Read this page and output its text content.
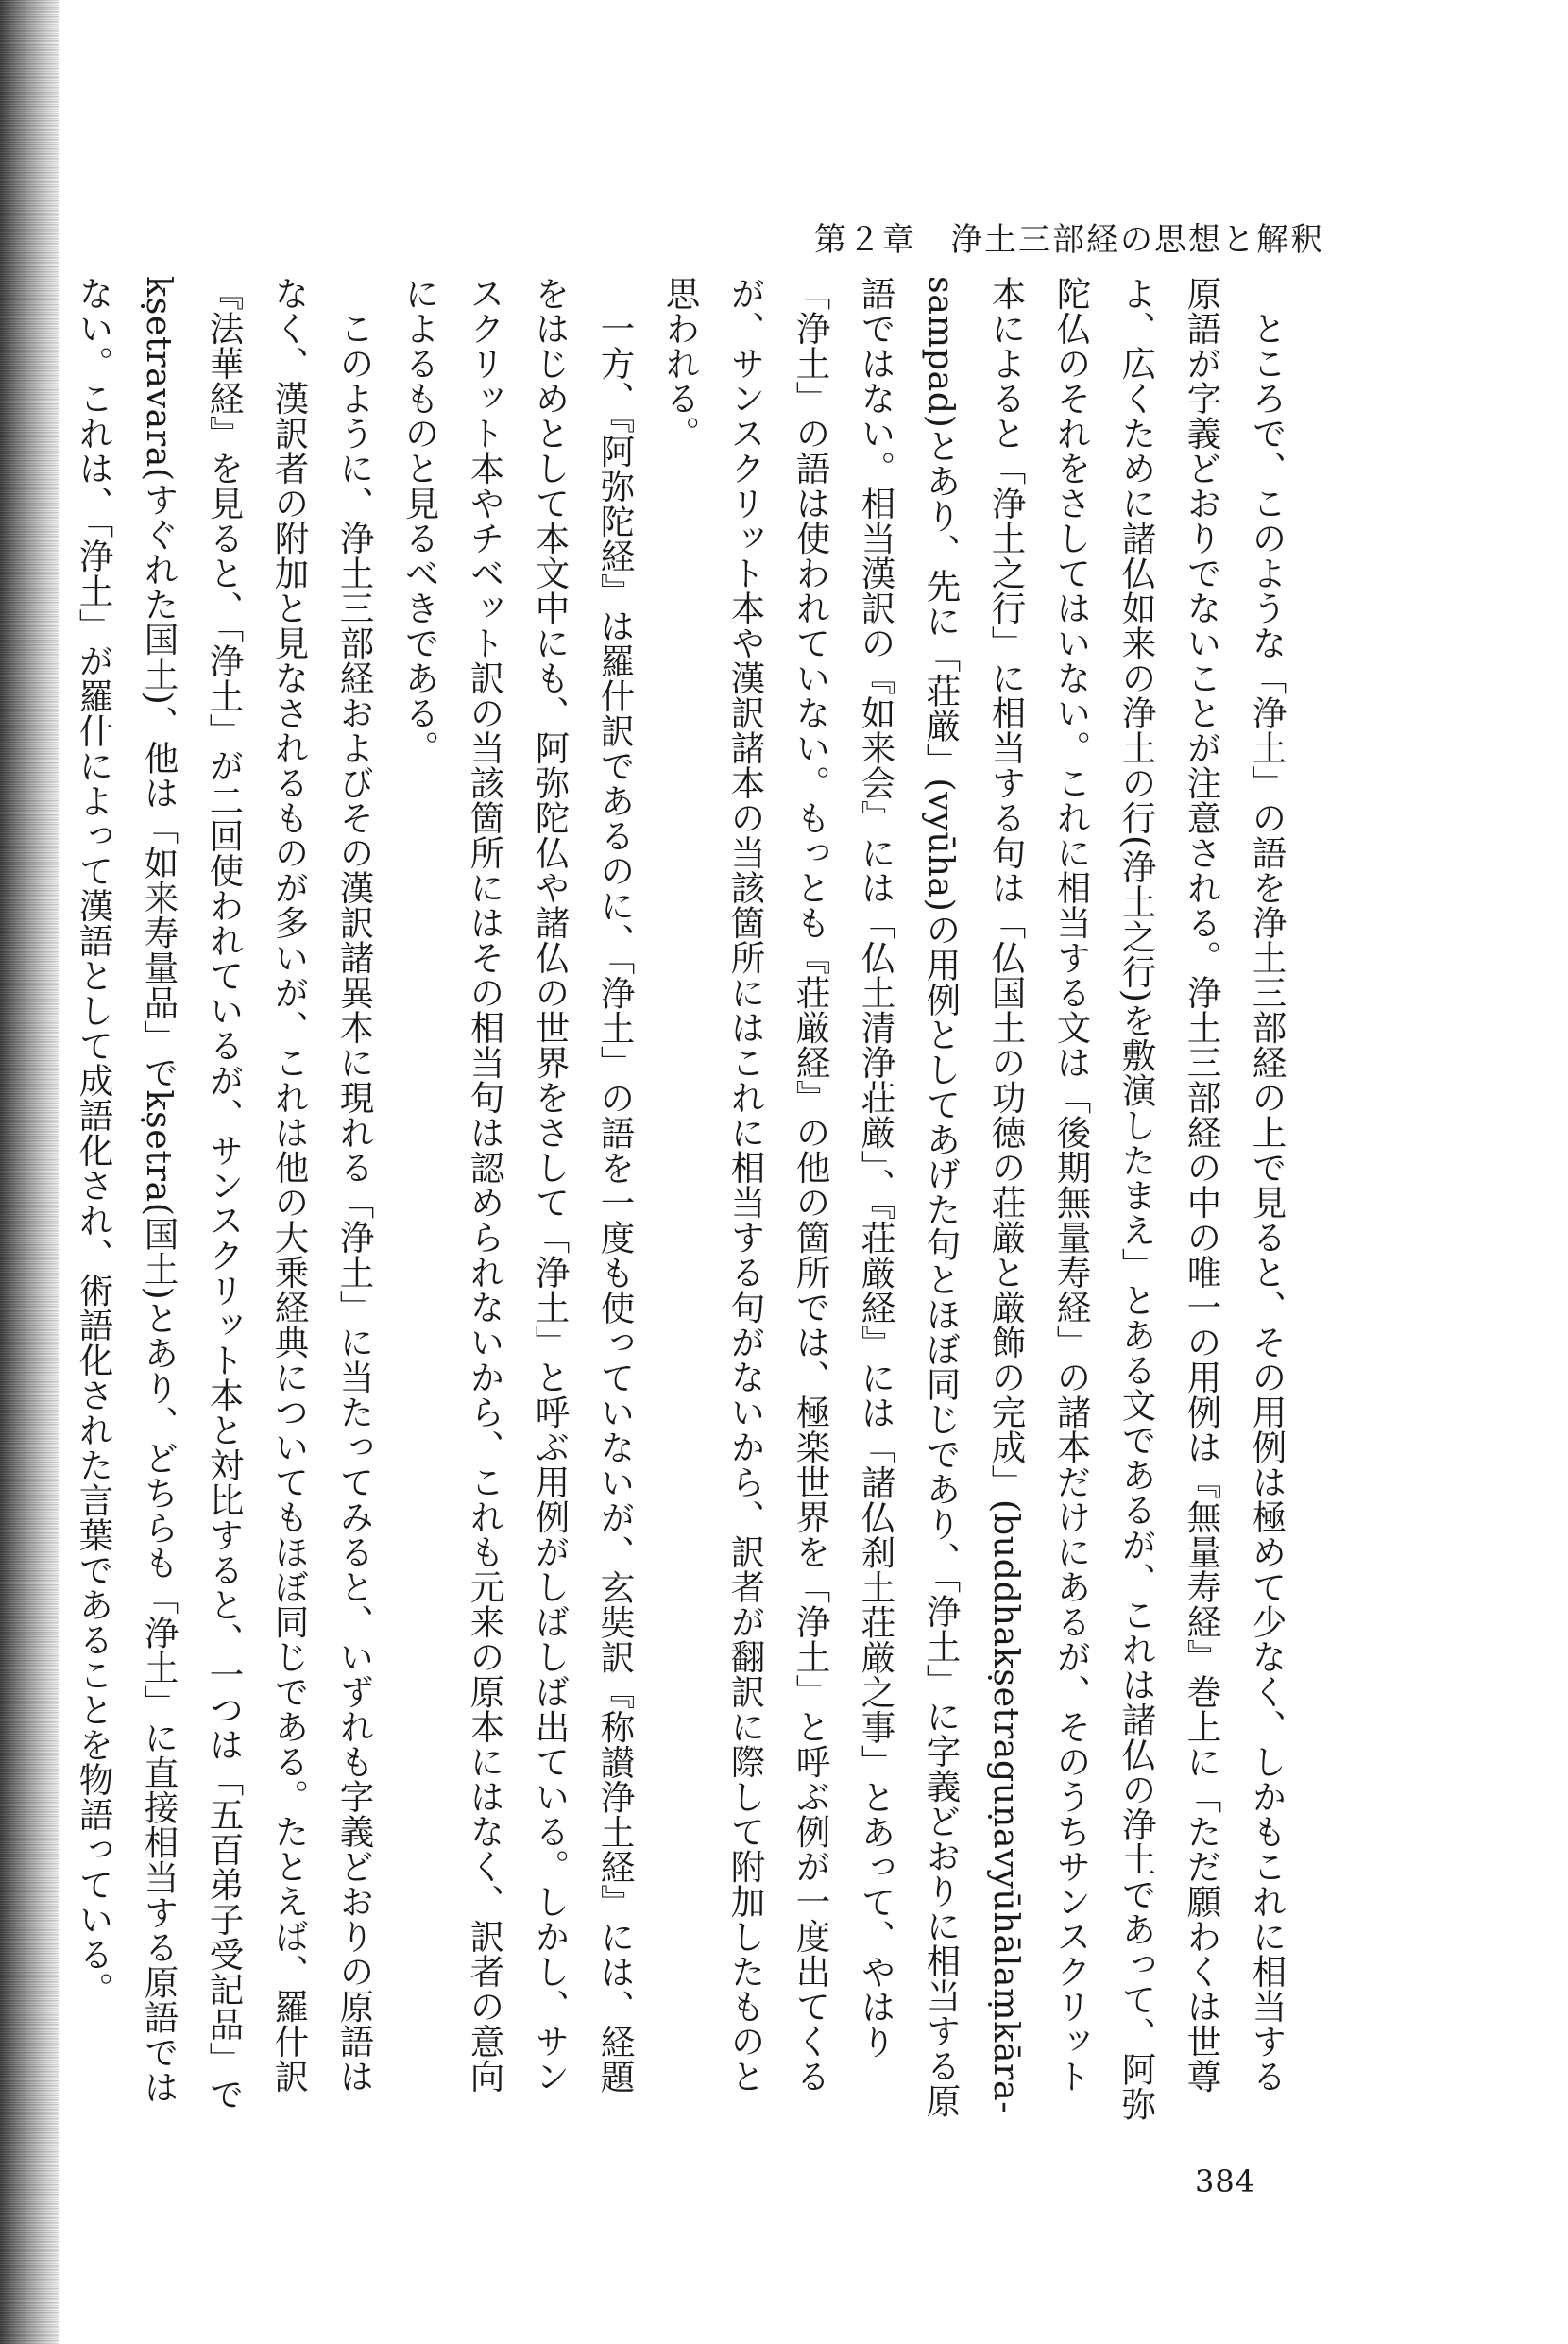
第２章　浄土三部経の思想と解釈

ところで、このような「浄土」の語を浄土三部経の上で見ると、その用例は極めて少なく、しかもこれに相当する原語が字義どおりでないことが注意される。浄土三部経の中の唯一の用例は『無量寿経』巻上に「ただ願わくは世尊よ、広くために諸仏如来の浄土の行(浄土之行)を敷演したまえ」とある文であるが、これは諸仏の浄土であって、阿弥陀仏のそれをさしてはいない。これに相当する文は「後期無量寿経」の諸本だけにあるが、そのうちサンスクリット本によると「浄土之行」に相当する句は「仏国土の功徳の荘厳と厳飾の完成」(buddhakṣetraguṇavyūhālaṃkāra-sampad)とあり、先に「荘厳」(vyūha)の用例としてあげた句とほぼ同じであり、「浄土」に字義どおりに相当する原語ではない。相当漢訳の『如来会』には「仏土清浄荘厳」、『荘厳経』には「諸仏刹土荘厳之事」とあって、やはり「浄土」の語は使われていない。もっとも『荘厳経』の他の箇所では、極楽世界を「浄土」と呼ぶ例が一度出てくるが、サンスクリット本や漢訳諸本の当該箇所にはこれに相当する句がないから、訳者が翻訳に際して附加したものと思われる。

一方、『阿弥陀経』は羅什訳であるのに、「浄土」の語を一度も使っていないが、玄奘訳『称讃浄土経』には、経題をはじめとして本文中にも、阿弥陀仏や諸仏の世界をさして「浄土」と呼ぶ用例がしばしば出ている。しかし、サンスクリット本やチベット訳の当該箇所にはその相当句は認められないから、これも元来の原本にはなく、訳者の意向によるものと見るべきである。

このように、浄土三部経およびその漢訳諸異本に現れる「浄土」に当たってみると、いずれも字義どおりの原語はなく、漢訳者の附加と見なされるものが多いが、これは他の大乗経典についてもほぼ同じである。たとえば、羅什訳『法華経』を見ると、「浄土」が二回使われているが、サンスクリット本と対比すると、一つは「五百弟子受記品」でkṣetravara(すぐれた国土)、他は「如来寿量品」でkṣetra(国土)とあり、どちらも「浄土」に直接相当する原語ではない。これは、「浄土」が羅什によって漢語として成語化され、術語化された言葉であることを物語っている。

384
